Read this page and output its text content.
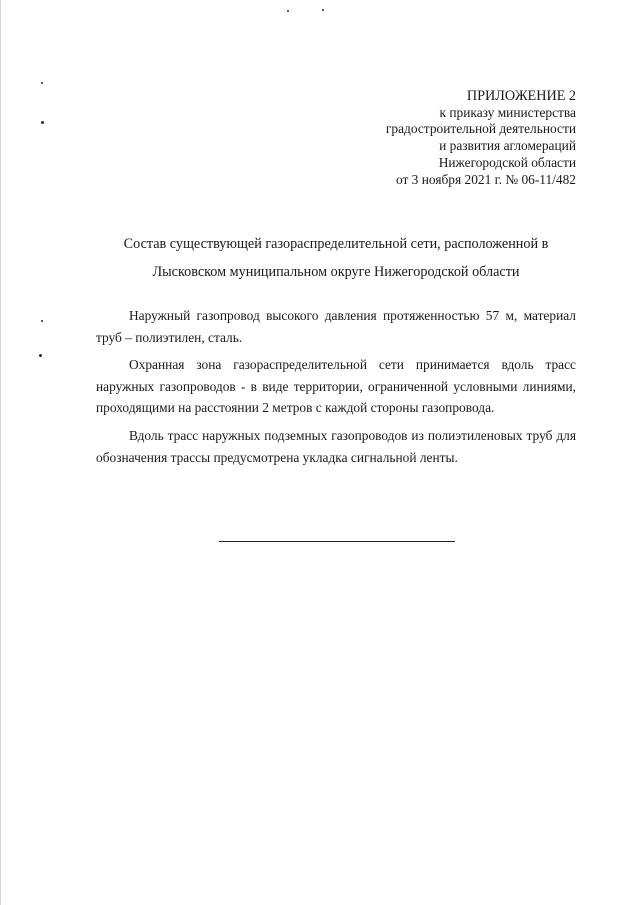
ПРИЛОЖЕНИЕ 2
к приказу министерства
градостроительной деятельности
и развития агломераций
Нижегородской области
от 3 ноября 2021 г. № 06-11/482
Состав существующей газораспределительной сети, расположенной в
Лысковском муниципальном округе Нижегородской области

Наружный газопровод высокого давления протяженностью 57 м, материал труб – полиэтилен, сталь.

Охранная зона газораспределительной сети принимается вдоль трасс наружных газопроводов - в виде территории, ограниченной условными линиями, проходящими на расстоянии 2 метров с каждой стороны газопровода.

Вдоль трасс наружных подземных газопроводов из полиэтиленовых труб для обозначения трассы предусмотрена укладка сигнальной ленты.
